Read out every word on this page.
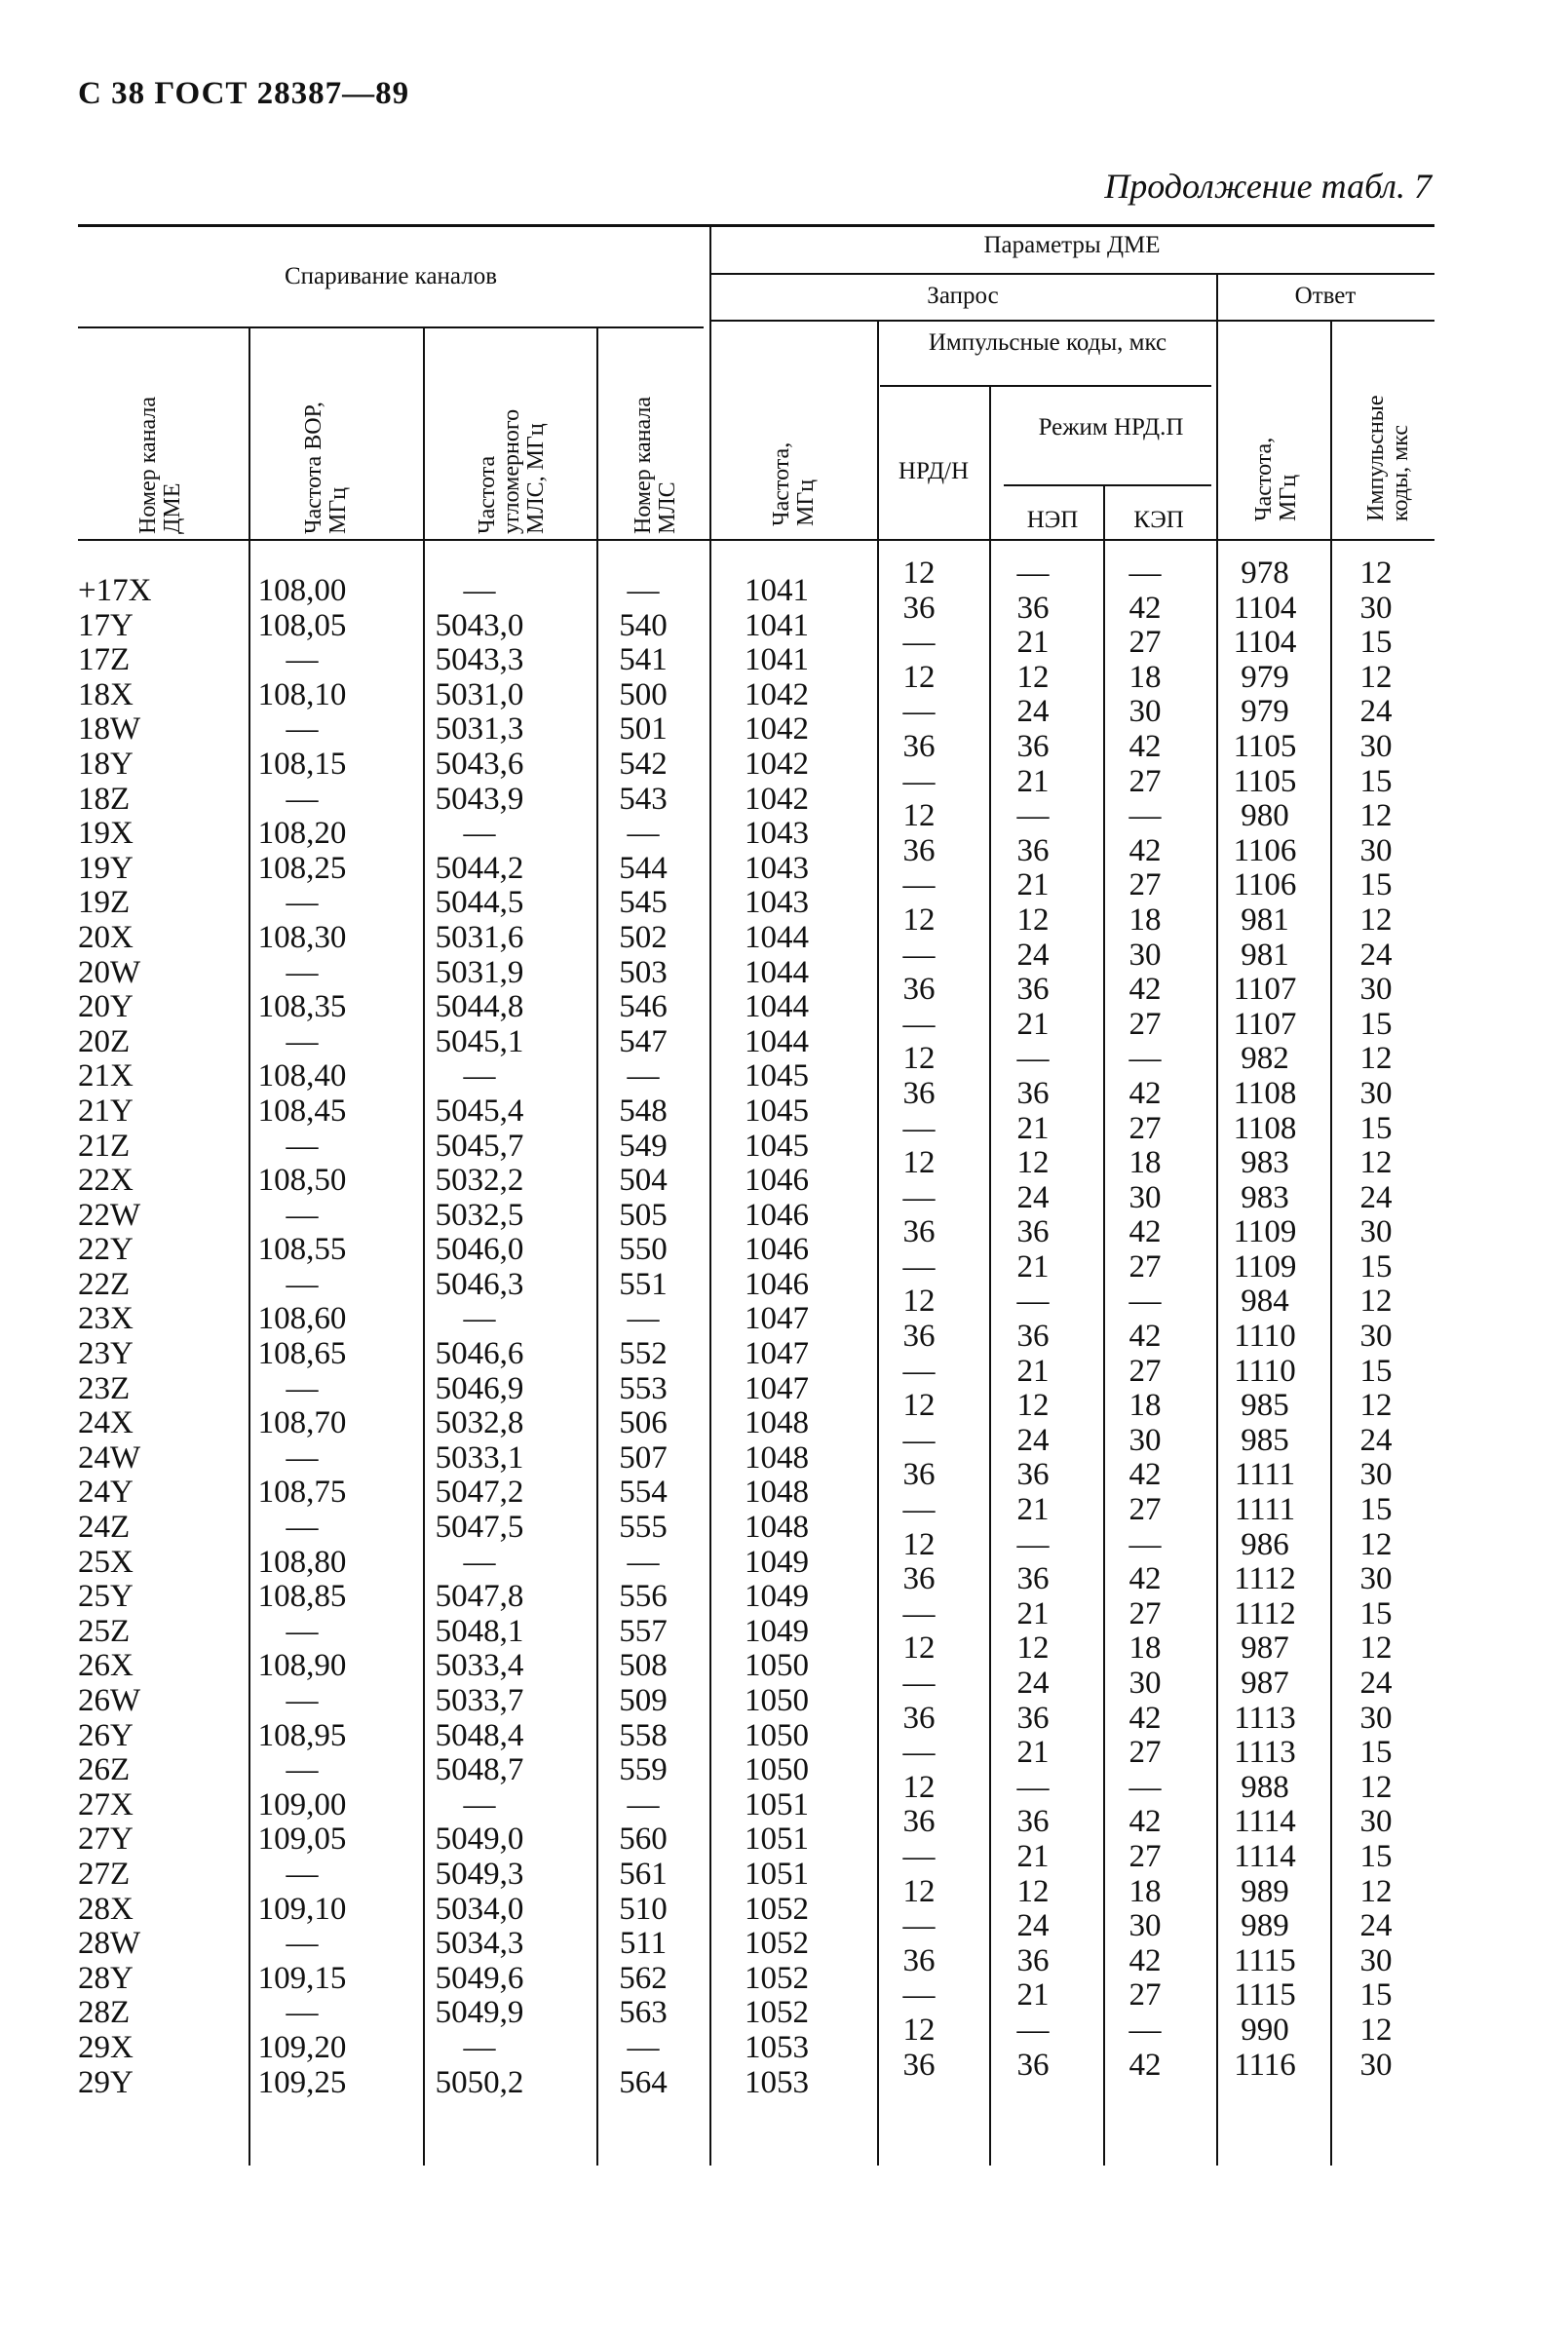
С 38 ГОСТ 28387—89
Продолжение табл. 7
Спаривание каналов
Параметры ДМЕ
Запрос	Ответ
Импульсные коды, мкс
Режим НРД.П
НРД/Н
НЭП	КЭП
Номер канала ДМЕ	Частота ВОР, МГц	Частота угломерного МЛС, МГц	Номер канала МЛС	Частота, МГц	Частота, МГц	Импульсные коды, мкс
+17X	108,00	—	—	1041	12	—	—	978	12
17Y	108,05	5043,0	540	1041	36	36	42	1104	30
17Z	—	5043,3	541	1041	—	21	27	1104	15
18X	108,10	5031,0	500	1042	12	12	18	979	12
18W	—	5031,3	501	1042	—	24	30	979	24
18Y	108,15	5043,6	542	1042	36	36	42	1105	30
18Z	—	5043,9	543	1042	—	21	27	1105	15
19X	108,20	—	—	1043	12	—	—	980	12
19Y	108,25	5044,2	544	1043	36	36	42	1106	30
19Z	—	5044,5	545	1043	—	21	27	1106	15
20X	108,30	5031,6	502	1044	12	12	18	981	12
20W	—	5031,9	503	1044	—	24	30	981	24
20Y	108,35	5044,8	546	1044	36	36	42	1107	30
20Z	—	5045,1	547	1044	—	21	27	1107	15
21X	108,40	—	—	1045	12	—	—	982	12
21Y	108,45	5045,4	548	1045	36	36	42	1108	30
21Z	—	5045,7	549	1045	—	21	27	1108	15
22X	108,50	5032,2	504	1046	12	12	18	983	12
22W	—	5032,5	505	1046	—	24	30	983	24
22Y	108,55	5046,0	550	1046	36	36	42	1109	30
22Z	—	5046,3	551	1046	—	21	27	1109	15
23X	108,60	—	—	1047	12	—	—	984	12
23Y	108,65	5046,6	552	1047	36	36	42	1110	30
23Z	—	5046,9	553	1047	—	21	27	1110	15
24X	108,70	5032,8	506	1048	12	12	18	985	12
24W	—	5033,1	507	1048	—	24	30	985	24
24Y	108,75	5047,2	554	1048	36	36	42	1111	30
24Z	—	5047,5	555	1048	—	21	27	1111	15
25X	108,80	—	—	1049	12	—	—	986	12
25Y	108,85	5047,8	556	1049	36	36	42	1112	30
25Z	—	5048,1	557	1049	—	21	27	1112	15
26X	108,90	5033,4	508	1050	12	12	18	987	12
26W	—	5033,7	509	1050	—	24	30	987	24
26Y	108,95	5048,4	558	1050	36	36	42	1113	30
26Z	—	5048,7	559	1050	—	21	27	1113	15
27X	109,00	—	—	1051	12	—	—	988	12
27Y	109,05	5049,0	560	1051	36	36	42	1114	30
27Z	—	5049,3	561	1051	—	21	27	1114	15
28X	109,10	5034,0	510	1052	12	12	18	989	12
28W	—	5034,3	511	1052	—	24	30	989	24
28Y	109,15	5049,6	562	1052	36	36	42	1115	30
28Z	—	5049,9	563	1052	—	21	27	1115	15
29X	109,20	—	—	1053	12	—	—	990	12
29Y	109,25	5050,2	564	1053	36	36	42	1116	30
